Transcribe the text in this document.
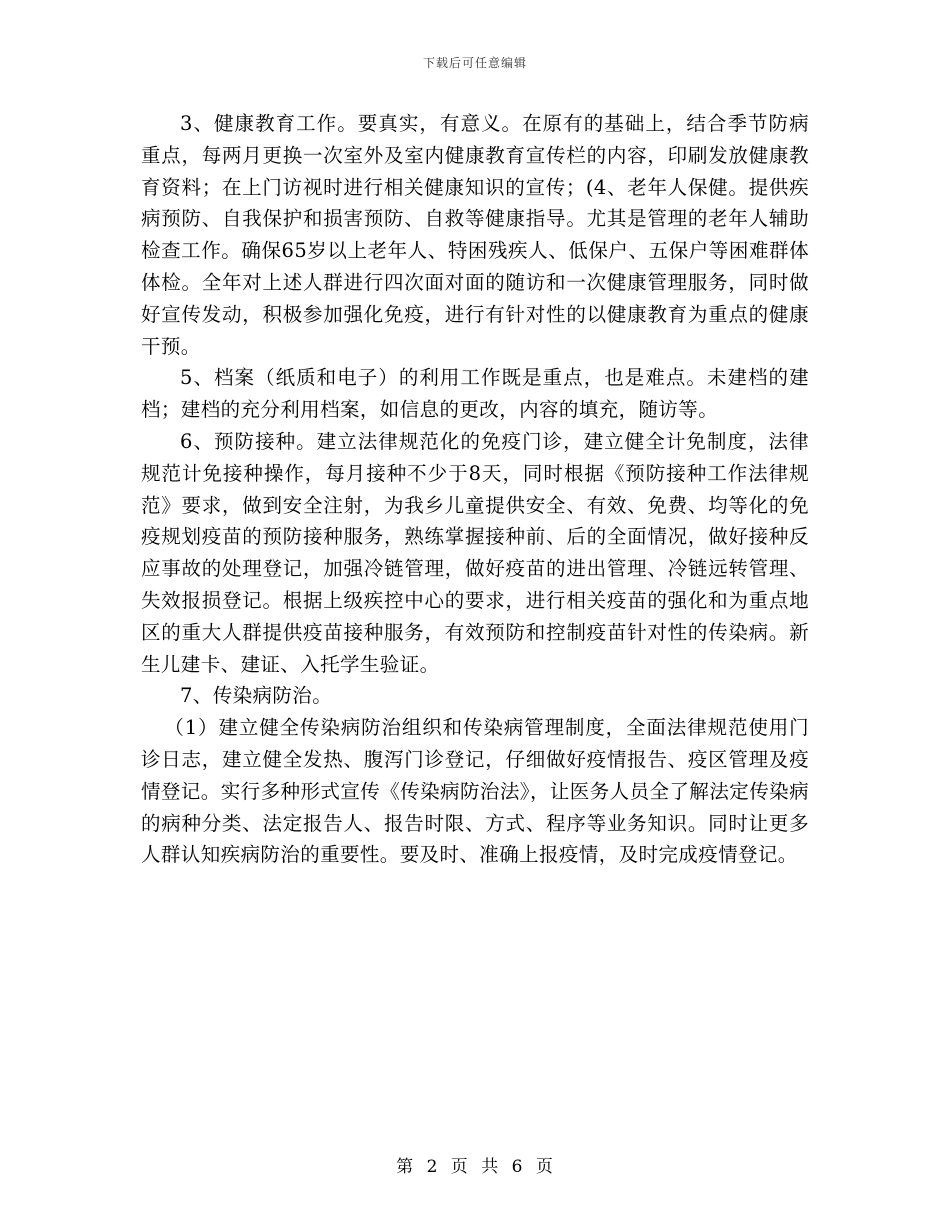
下载后可任意编辑

3、健康教育工作。要真实，有意义。在原有的基础上，结合季节防病重点，每两月更换一次室外及室内健康教育宣传栏的内容，印刷发放健康教育资料；在上门访视时进行相关健康知识的宣传；(4、老年人保健。提供疾病预防、自我保护和损害预防、自救等健康指导。尤其是管理的老年人辅助检查工作。确保65岁以上老年人、特困残疾人、低保户、五保户等困难群体体检。全年对上述人群进行四次面对面的随访和一次健康管理服务，同时做好宣传发动，积极参加强化免疫，进行有针对性的以健康教育为重点的健康干预。

5、档案（纸质和电子）的利用工作既是重点，也是难点。未建档的建档；建档的充分利用档案，如信息的更改，内容的填充，随访等。

6、预防接种。建立法律规范化的免疫门诊，建立健全计免制度，法律规范计免接种操作，每月接种不少于8天，同时根据《预防接种工作法律规范》要求，做到安全注射，为我乡儿童提供安全、有效、免费、均等化的免疫规划疫苗的预防接种服务，熟练掌握接种前、后的全面情况，做好接种反应事故的处理登记，加强冷链管理，做好疫苗的进出管理、冷链远转管理、失效报损登记。根据上级疾控中心的要求，进行相关疫苗的强化和为重点地区的重大人群提供疫苗接种服务，有效预防和控制疫苗针对性的传染病。新生儿建卡、建证、入托学生验证。

7、传染病防治。

（1）建立健全传染病防治组织和传染病管理制度，全面法律规范使用门诊日志，建立健全发热、腹泻门诊登记，仔细做好疫情报告、疫区管理及疫情登记。实行多种形式宣传《传染病防治法》，让医务人员全了解法定传染病的病种分类、法定报告人、报告时限、方式、程序等业务知识。同时让更多人群认知疾病防治的重要性。要及时、准确上报疫情，及时完成疫情登记。

第 2 页 共 6 页
